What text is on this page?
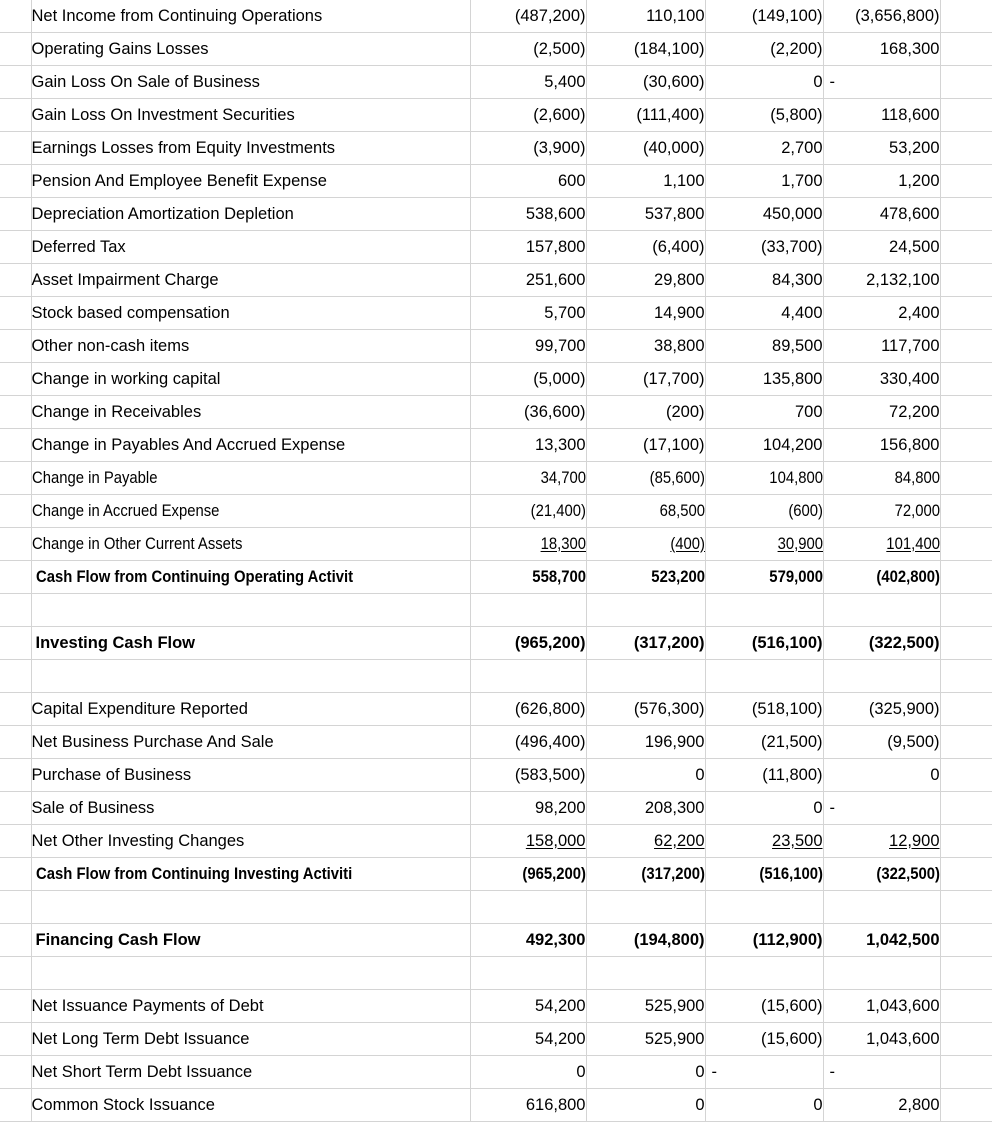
	Net Income from Continuing Operations	(487,200)	110,100	(149,100)	(3,656,800)	

	Operating Gains Losses	(2,500)	(184,100)	(2,200)	168,300	

	Gain Loss On Sale of Business	5,400	(30,600)	0	-	

	Gain Loss On Investment Securities	(2,600)	(111,400)	(5,800)	118,600	

	Earnings Losses from Equity Investments	(3,900)	(40,000)	2,700	53,200	

	Pension And Employee Benefit Expense	600	1,100	1,700	1,200	

	Depreciation Amortization Depletion	538,600	537,800	450,000	478,600	

	Deferred Tax	157,800	(6,400)	(33,700)	24,500	

	Asset Impairment Charge	251,600	29,800	84,300	2,132,100	

	Stock based compensation	5,700	14,900	4,400	2,400	

	Other non-cash items	99,700	38,800	89,500	117,700	

	Change in working capital	(5,000)	(17,700)	135,800	330,400	

	Change in Receivables	(36,600)	(200)	700	72,200	

	Change in Payables And Accrued Expense	13,300	(17,100)	104,200	156,800	

	Change in Payable	34,700	(85,600)	104,800	84,800	

	Change in Accrued Expense	(21,400)	68,500	(600)	72,000	

	Change in Other Current Assets	18,300	(400)	30,900	101,400	

	Cash Flow from Continuing Operating Activit	558,700	523,200	579,000	(402,800)	

	Investing Cash Flow	(965,200)	(317,200)	(516,100)	(322,500)	

	Capital Expenditure Reported	(626,800)	(576,300)	(518,100)	(325,900)	

	Net Business Purchase And Sale	(496,400)	196,900	(21,500)	(9,500)	

	Purchase of Business	(583,500)	0	(11,800)	0	

	Sale of Business	98,200	208,300	0	-	

	Net Other Investing Changes	158,000	62,200	23,500	12,900	

	Cash Flow from Continuing Investing Activiti	(965,200)	(317,200)	(516,100)	(322,500)	

	Financing Cash Flow	492,300	(194,800)	(112,900)	1,042,500	

	Net Issuance Payments of Debt	54,200	525,900	(15,600)	1,043,600	

	Net Long Term Debt Issuance	54,200	525,900	(15,600)	1,043,600	

	Net Short Term Debt Issuance	0	0	-	-	

	Common Stock Issuance	616,800	0	0	2,800	
